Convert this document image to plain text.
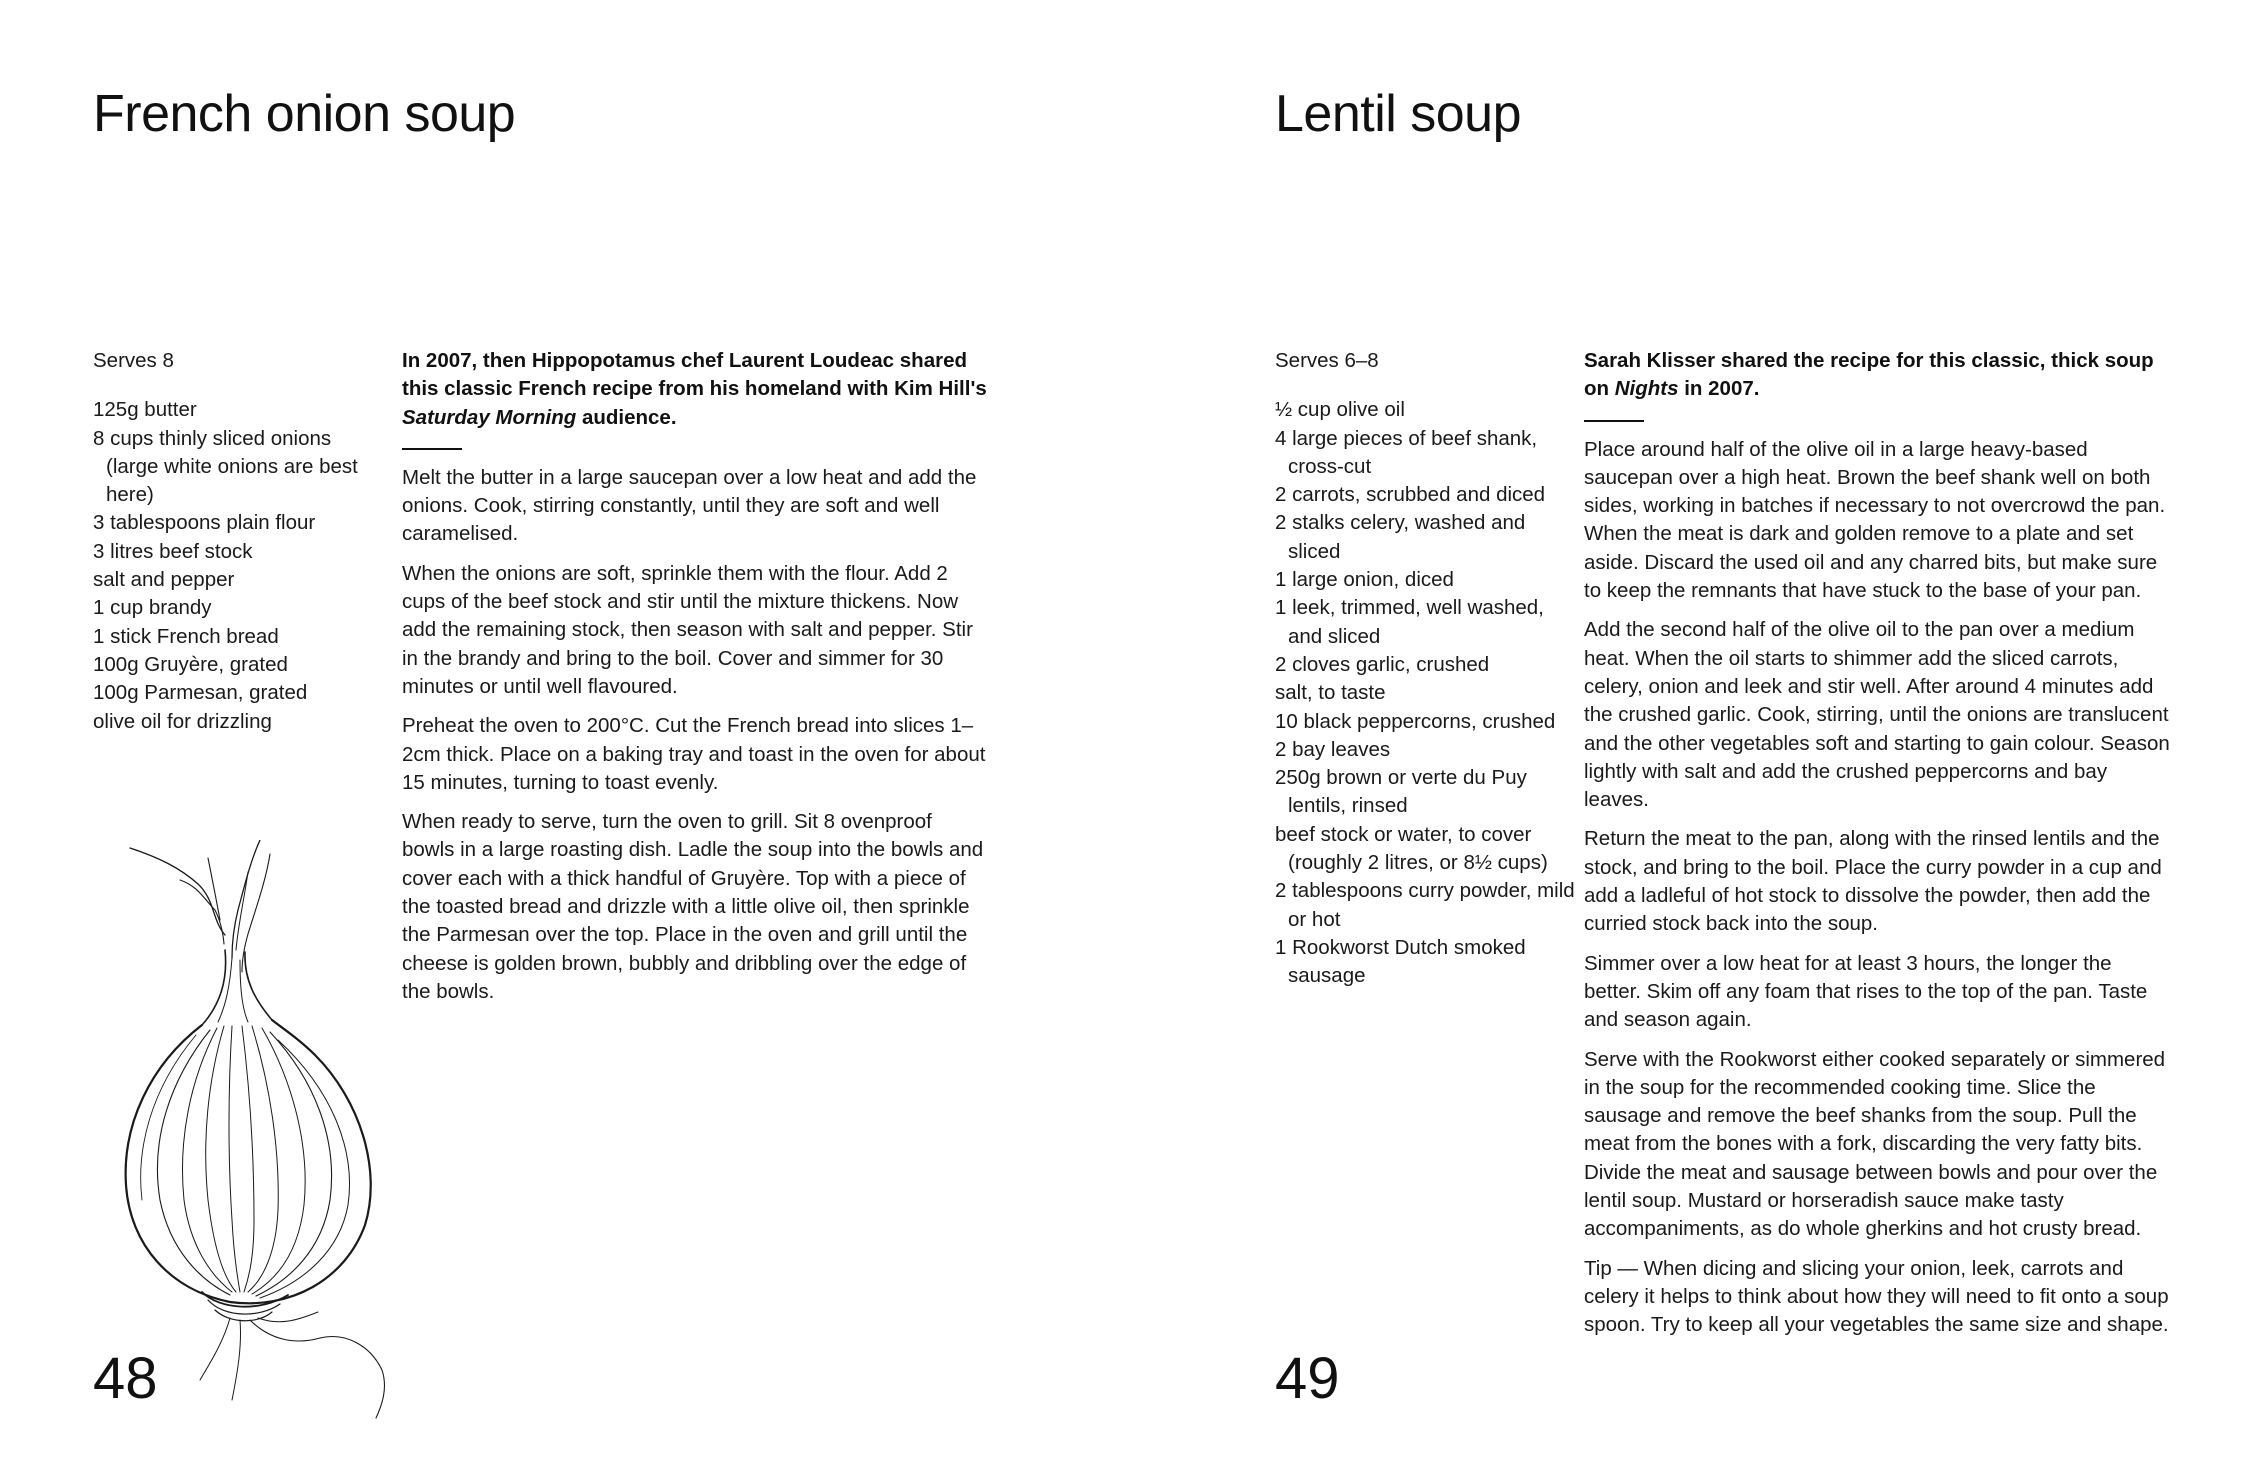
French onion soup

Serves 8

125g butter
8 cups thinly sliced onions (large white onions are best here)
3 tablespoons plain flour
3 litres beef stock
salt and pepper
1 cup brandy
1 stick French bread
100g Gruyère, grated
100g Parmesan, grated
olive oil for drizzling

In 2007, then Hippopotamus chef Laurent Loudeac shared this classic French recipe from his homeland with Kim Hill's Saturday Morning audience.

Melt the butter in a large saucepan over a low heat and add the onions. Cook, stirring constantly, until they are soft and well caramelised.

When the onions are soft, sprinkle them with the flour. Add 2 cups of the beef stock and stir until the mixture thickens. Now add the remaining stock, then season with salt and pepper. Stir in the brandy and bring to the boil. Cover and simmer for 30 minutes or until well flavoured.

Preheat the oven to 200°C. Cut the French bread into slices 1–2cm thick. Place on a baking tray and toast in the oven for about 15 minutes, turning to toast evenly.

When ready to serve, turn the oven to grill. Sit 8 ovenproof bowls in a large roasting dish. Ladle the soup into the bowls and cover each with a thick handful of Gruyère. Top with a piece of the toasted bread and drizzle with a little olive oil, then sprinkle the Parmesan over the top. Place in the oven and grill until the cheese is golden brown, bubbly and dribbling over the edge of the bowls.

48

Lentil soup

Serves 6–8

½ cup olive oil
4 large pieces of beef shank, cross-cut
2 carrots, scrubbed and diced
2 stalks celery, washed and sliced
1 large onion, diced
1 leek, trimmed, well washed, and sliced
2 cloves garlic, crushed
salt, to taste
10 black peppercorns, crushed
2 bay leaves
250g brown or verte du Puy lentils, rinsed
beef stock or water, to cover (roughly 2 litres, or 8½ cups)
2 tablespoons curry powder, mild or hot
1 Rookworst Dutch smoked sausage

Sarah Klisser shared the recipe for this classic, thick soup on Nights in 2007.

Place around half of the olive oil in a large heavy-based saucepan over a high heat. Brown the beef shank well on both sides, working in batches if necessary to not overcrowd the pan. When the meat is dark and golden remove to a plate and set aside. Discard the used oil and any charred bits, but make sure to keep the remnants that have stuck to the base of your pan.

Add the second half of the olive oil to the pan over a medium heat. When the oil starts to shimmer add the sliced carrots, celery, onion and leek and stir well. After around 4 minutes add the crushed garlic. Cook, stirring, until the onions are translucent and the other vegetables soft and starting to gain colour. Season lightly with salt and add the crushed peppercorns and bay leaves.

Return the meat to the pan, along with the rinsed lentils and the stock, and bring to the boil. Place the curry powder in a cup and add a ladleful of hot stock to dissolve the powder, then add the curried stock back into the soup.

Simmer over a low heat for at least 3 hours, the longer the better. Skim off any foam that rises to the top of the pan. Taste and season again.

Serve with the Rookworst either cooked separately or simmered in the soup for the recommended cooking time. Slice the sausage and remove the beef shanks from the soup. Pull the meat from the bones with a fork, discarding the very fatty bits. Divide the meat and sausage between bowls and pour over the lentil soup. Mustard or horseradish sauce make tasty accompaniments, as do whole gherkins and hot crusty bread.

Tip — When dicing and slicing your onion, leek, carrots and celery it helps to think about how they will need to fit onto a soup spoon. Try to keep all your vegetables the same size and shape.

49
